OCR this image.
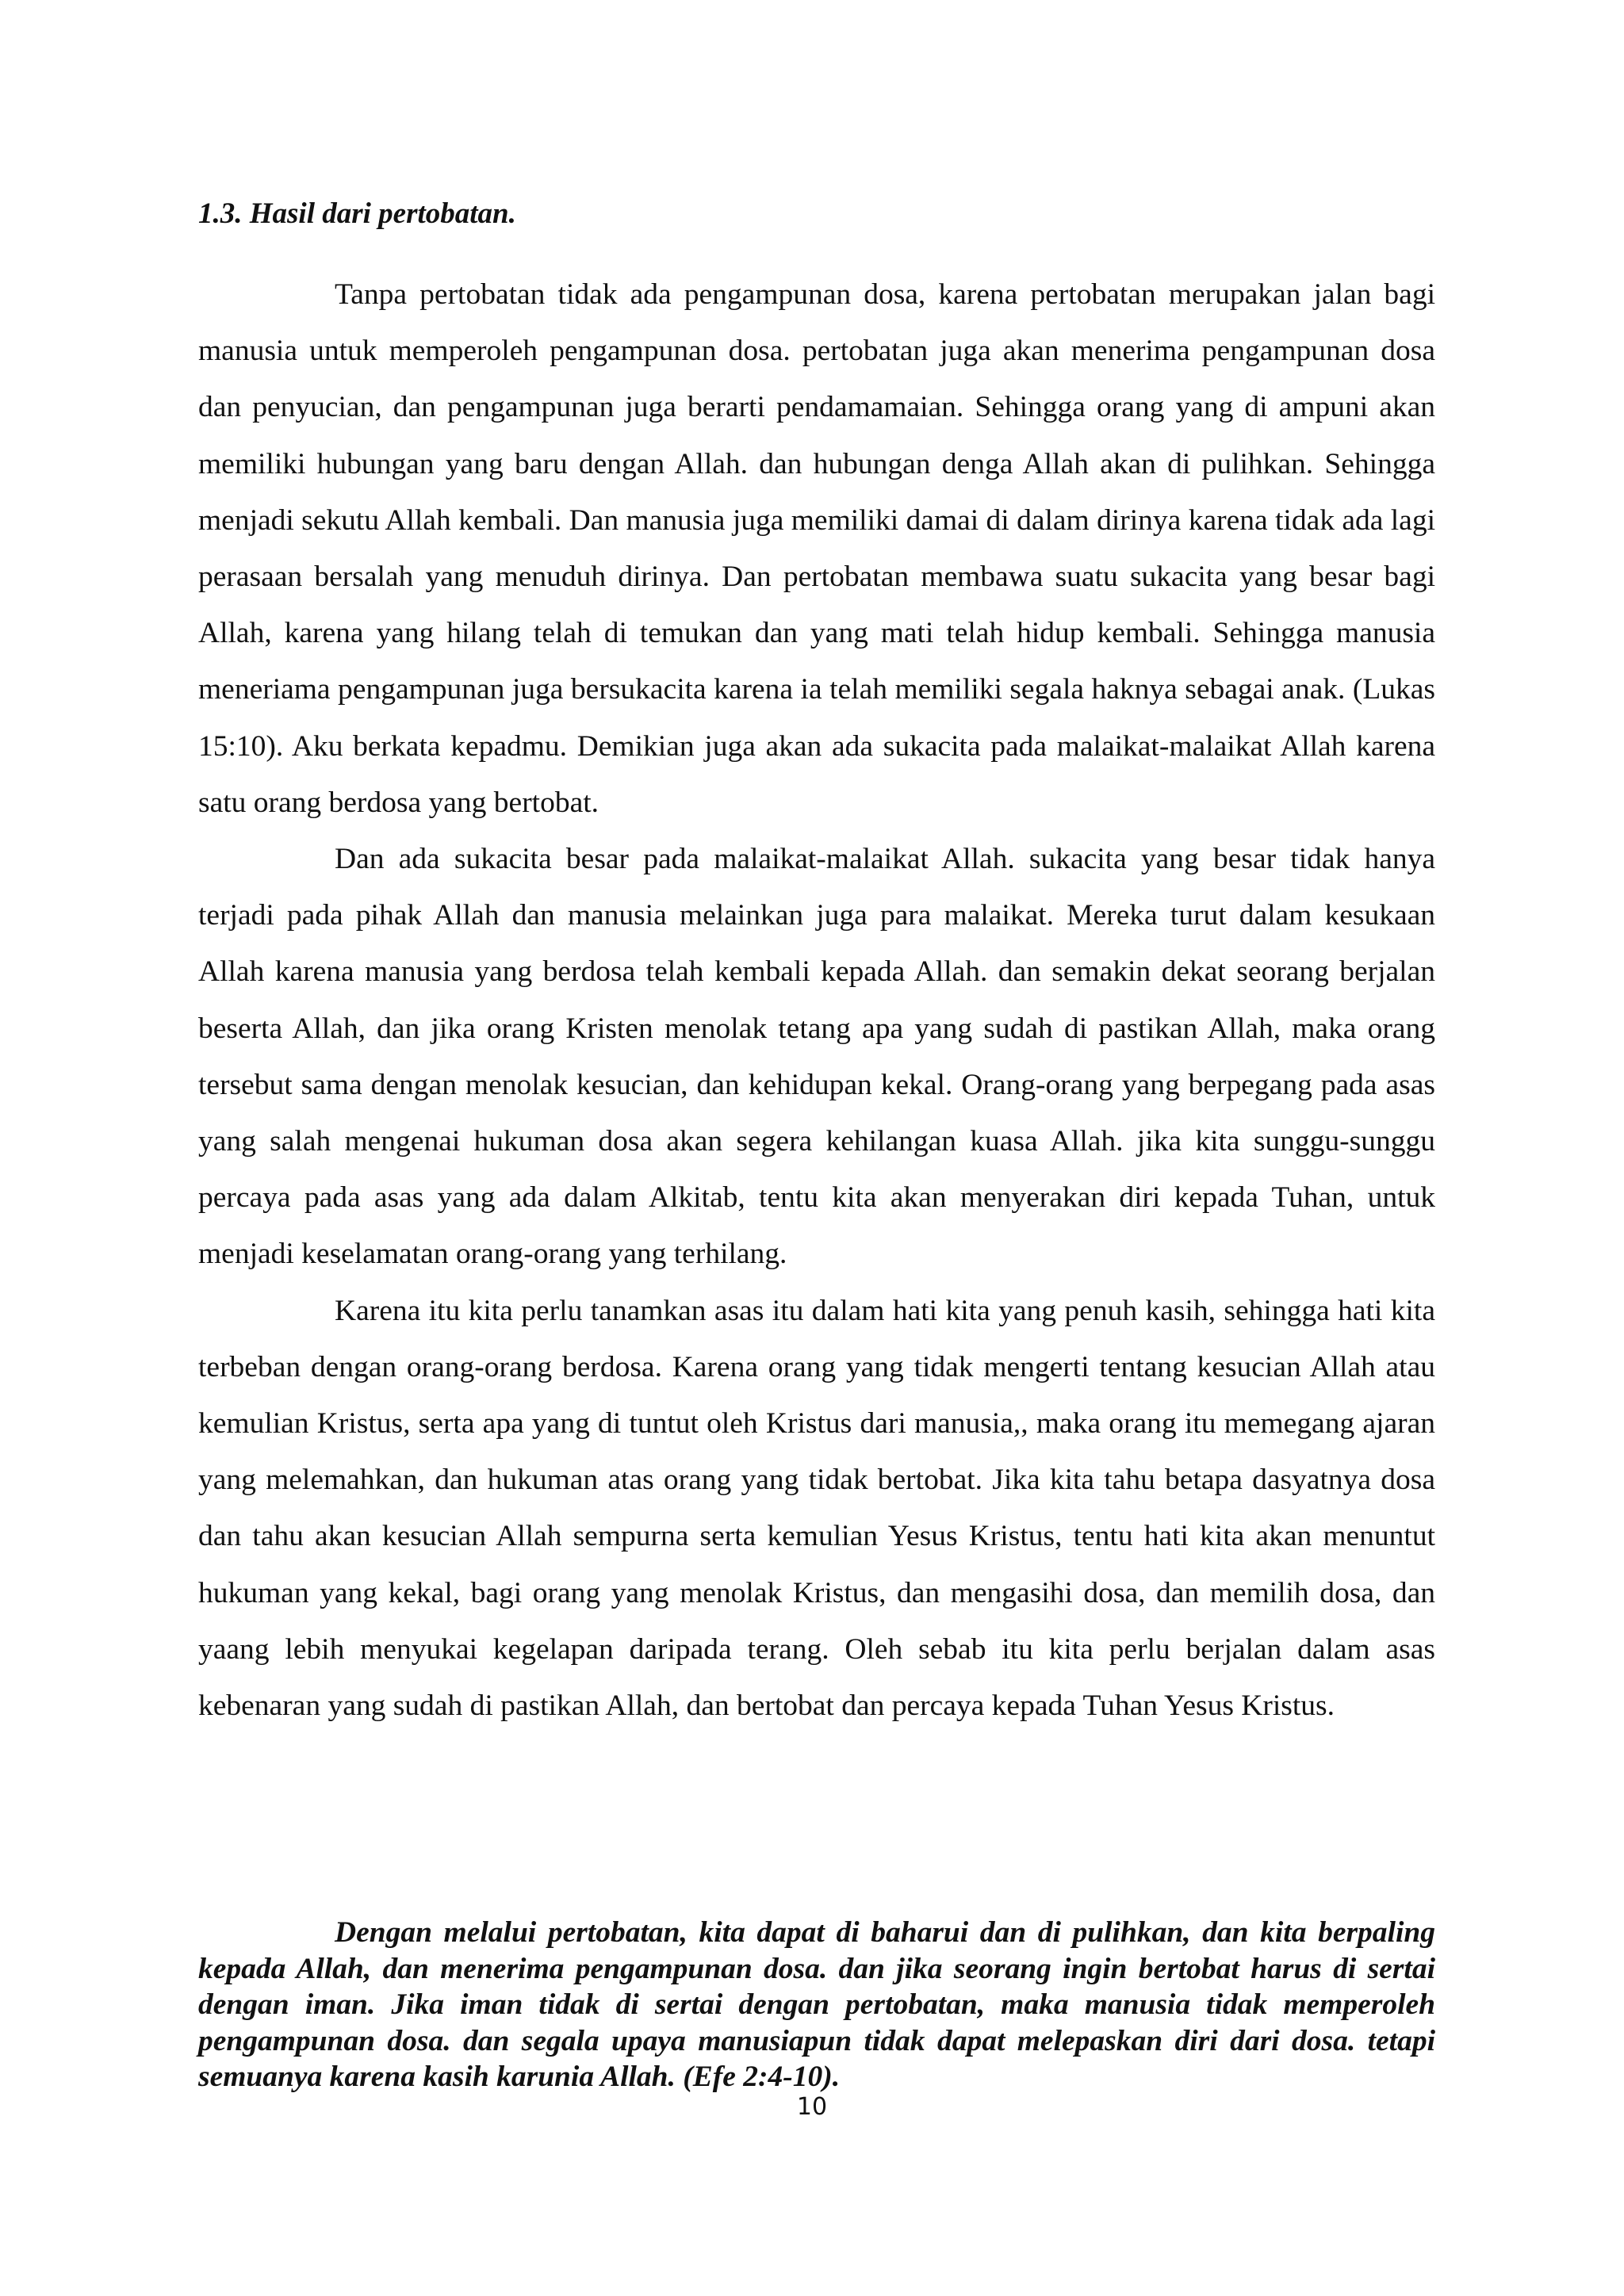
1.3. Hasil dari pertobatan.

Tanpa pertobatan tidak ada pengampunan dosa, karena pertobatan merupakan jalan bagi manusia untuk memperoleh pengampunan dosa. pertobatan juga akan menerima pengampunan dosa dan penyucian, dan pengampunan juga berarti pendamamaian. Sehingga orang yang di ampuni akan memiliki hubungan yang baru dengan Allah. dan hubungan denga Allah akan di pulihkan. Sehingga menjadi sekutu Allah kembali. Dan manusia juga memiliki damai di dalam dirinya karena tidak ada lagi perasaan bersalah yang menuduh dirinya. Dan pertobatan membawa suatu sukacita yang besar bagi Allah, karena yang hilang telah di temukan dan yang mati telah hidup kembali. Sehingga manusia meneriama pengampunan juga bersukacita karena ia telah memiliki segala haknya sebagai anak. (Lukas 15:10). Aku berkata kepadmu. Demikian juga akan ada sukacita pada malaikat-malaikat Allah karena satu orang berdosa yang bertobat.

Dan ada sukacita besar pada malaikat-malaikat Allah. sukacita yang besar tidak hanya terjadi pada pihak Allah dan manusia melainkan juga para malaikat. Mereka turut dalam kesukaan Allah karena manusia yang berdosa telah kembali kepada Allah. dan semakin dekat seorang berjalan beserta Allah, dan jika orang Kristen menolak tetang apa yang sudah di pastikan Allah, maka orang tersebut sama dengan menolak kesucian, dan kehidupan kekal. Orang-orang yang berpegang pada asas yang salah mengenai hukuman dosa akan segera kehilangan kuasa Allah. jika kita sunggu-sunggu percaya pada asas yang ada dalam Alkitab, tentu kita akan menyerakan diri kepada Tuhan, untuk menjadi keselamatan orang-orang yang terhilang.

Karena itu kita perlu tanamkan asas itu dalam hati kita yang penuh kasih, sehingga hati kita terbeban dengan orang-orang berdosa. Karena orang yang tidak mengerti tentang kesucian Allah atau kemulian Kristus, serta apa yang di tuntut oleh Kristus dari manusia,, maka orang itu memegang ajaran yang melemahkan, dan hukuman atas orang yang tidak bertobat. Jika kita tahu betapa dasyatnya dosa dan tahu akan kesucian Allah sempurna serta kemulian Yesus Kristus, tentu hati kita akan menuntut hukuman yang kekal, bagi orang yang menolak Kristus, dan mengasihi dosa, dan memilih dosa, dan yaang lebih menyukai kegelapan daripada terang. Oleh sebab itu kita perlu berjalan dalam asas kebenaran yang sudah di pastikan Allah, dan bertobat dan percaya kepada Tuhan Yesus Kristus.

Dengan melalui pertobatan, kita dapat di baharui dan di pulihkan, dan kita berpaling kepada Allah, dan menerima pengampunan dosa. dan jika seorang ingin bertobat harus di sertai dengan iman. Jika iman tidak di sertai dengan pertobatan, maka manusia tidak memperoleh pengampunan dosa. dan segala upaya manusiapun tidak dapat melepaskan diri dari dosa. tetapi semuanya karena kasih karunia Allah. (Efe 2:4-10).

10
